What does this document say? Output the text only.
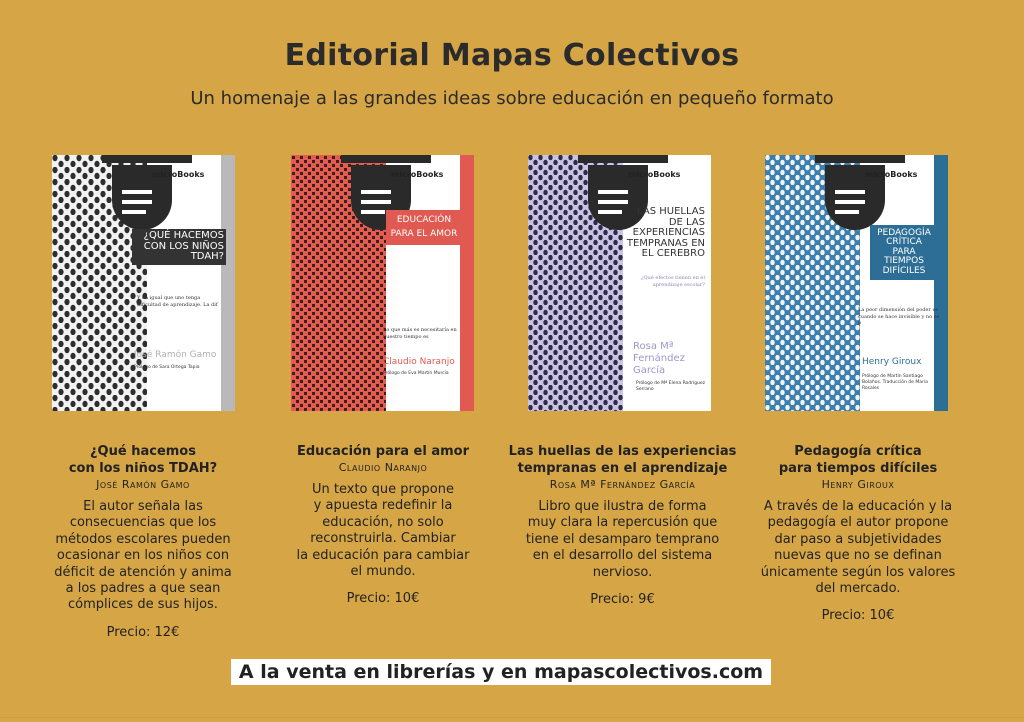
Editorial Mapas Colectivos
Un homenaje a las grandes ideas sobre educación en pequeño formato
microBooks
¿QUÉ HACEMOS CON LOS NIÑOS TDAH?
Y da igual que uno tenga dificultad de aprendizaje. La dif
José Ramón Gamo
Prólogo de Sara Ortega Tapia
microBooks
EDUCACIÓN PARA EL AMOR
Lo que más es necesitaría en nuestro tiempo es
Claudio Naranjo
Prólogo de Eva Martín Murcia
microBooks
LAS HUELLAS DE LAS EXPERIENCIAS TEMPRANAS EN EL CEREBRO
¿Qué efectos tienen en el aprendizaje escolar?
Rosa Mª Fernández García
Prólogo de Mª Elena Rodríguez Serrano
microBooks
PEDAGOGÍA CRÍTICA PARA TIEMPOS DIFÍCILES
La peor dimensión del poder es cuando se hace invisible y no se p
Henry Giroux
Prólogo de Martín Santiago Bolaños. Traducción de Maria Rosales
¿Qué hacemos
con los niños TDAH?
José Ramón Gamo
El autor señala las
consecuencias que los
métodos escolares pueden
ocasionar en los niños con
déficit de atención y anima
a los padres a que sean
cómplices de sus hijos.
Precio: 12€
Educación para el amor
Claudio Naranjo
Un texto que propone
y apuesta redefinir la
educación, no solo
reconstruirla. Cambiar
la educación para cambiar
el mundo.
Precio: 10€
Las huellas de las experiencias
tempranas en el aprendizaje
Rosa Mª Fernández García
Libro que ilustra de forma
muy clara la repercusión que
tiene el desamparo temprano
en el desarrollo del sistema
nervioso.
Precio: 9€
Pedagogía crítica
para tiempos difíciles
Henry Giroux
A través de la educación y la
pedagogía el autor propone
dar paso a subjetividades
nuevas que no se definan
únicamente según los valores
del mercado.
Precio: 10€
A la venta en librerías y en mapascolectivos.com
